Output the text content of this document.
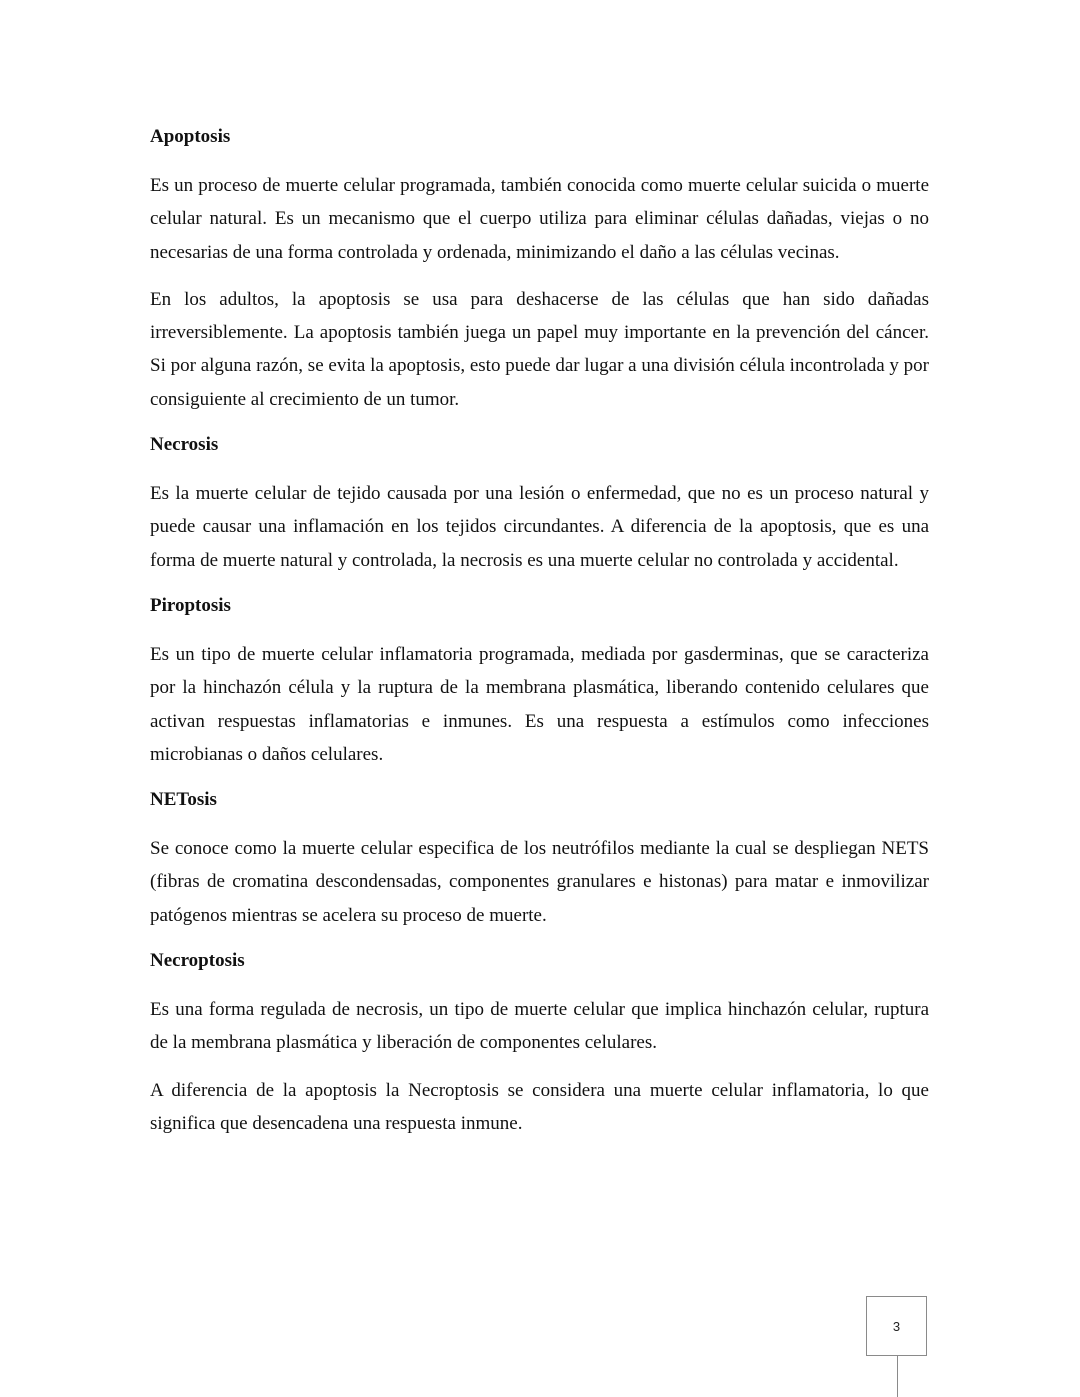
Apoptosis

Es un proceso de muerte celular programada, también conocida como muerte celular suicida o muerte celular natural. Es un mecanismo que el cuerpo utiliza para eliminar células dañadas, viejas o no necesarias de una forma controlada y ordenada, minimizando el daño a las células vecinas.

En los adultos, la apoptosis se usa para deshacerse de las células que han sido dañadas irreversiblemente. La apoptosis también juega un papel muy importante en la prevención del cáncer. Si por alguna razón, se evita la apoptosis, esto puede dar lugar a una división célula incontrolada y por consiguiente al crecimiento de un tumor.

Necrosis

Es la muerte celular de tejido causada por una lesión o enfermedad, que no es un proceso natural y puede causar una inflamación en los tejidos circundantes. A diferencia de la apoptosis, que es una forma de muerte natural y controlada, la necrosis es una muerte celular no controlada y accidental.

Piroptosis

Es un tipo de muerte celular inflamatoria programada, mediada por gasderminas, que se caracteriza por la hinchazón célula y la ruptura de la membrana plasmática, liberando contenido celulares que activan respuestas inflamatorias e inmunes. Es una respuesta a estímulos como infecciones microbianas o daños celulares.

NETosis

Se conoce como la muerte celular especifica de los neutrófilos mediante la cual se despliegan NETS (fibras de cromatina descondensadas, componentes granulares e histonas) para matar e inmovilizar patógenos mientras se acelera su proceso de muerte.

Necroptosis

Es una forma regulada de necrosis, un tipo de muerte celular que implica hinchazón celular, ruptura de la membrana plasmática y liberación de componentes celulares.

A diferencia de la apoptosis la Necroptosis se considera una muerte celular inflamatoria, lo que significa que desencadena una respuesta inmune.

3
